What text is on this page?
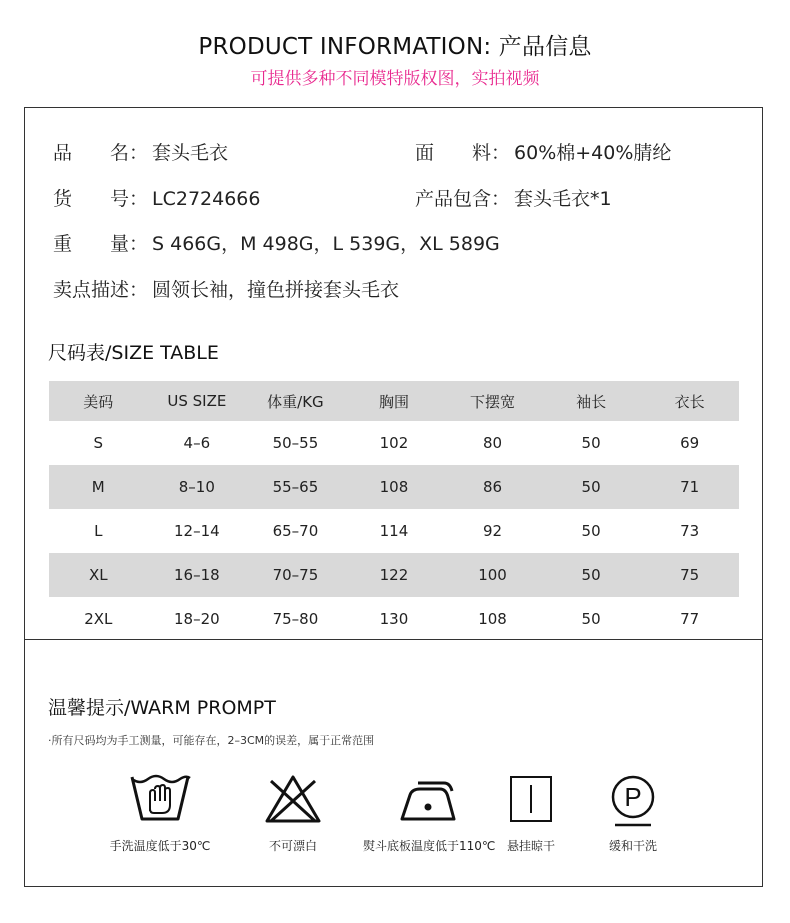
PRODUCT INFORMATION: 产品信息
可提供多种不同模特版权图，实拍视频
品　　名： 套头毛衣	面　　料： 60%棉+40%腈纶
货　　号： LC2724666	产品包含： 套头毛衣*1
重　　量： S 466G，M 498G，L 539G，XL 589G
卖点描述： 圆领长袖，撞色拼接套头毛衣
尺码表/SIZE TABLE
美码	US SIZE	体重/KG	胸围	下摆宽	袖长	衣长
S	4–6	50–55	102	80	50	69
M	8–10	55–65	108	86	50	71
L	12–14	65–70	114	92	50	73
XL	16–18	70–75	122	100	50	75
2XL	18–20	75–80	130	108	50	77
温馨提示/WARM PROMPT
·所有尺码均为手工测量，可能存在，2–3CM的误差，属于正常范围
手洗温度低于30℃	不可漂白	熨斗底板温度低于110℃ 悬挂晾干
P
缓和干洗
